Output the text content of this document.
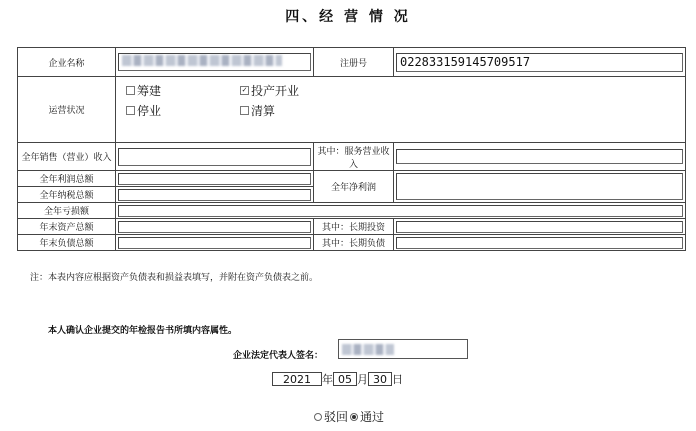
四、经 营 情 况
企业名称		注册号	022833159145709517

运营状况	筹建 ✓ 投产开业
停业 清算		

全年销售（营业）收入		其中：服务营业收入	

全年利润总额		全年净利润	

全年纳税总额			

全年亏损额			

年末资产总额		其中：长期投资	

年末负债总额		其中：长期负债	
注：本表内容应根据资产负债表和损益表填写，并附在资产负债表之前。
本人确认企业提交的年检报告书所填内容属性。
企业法定代表人签名：
2021	年 05 月 30 日
驳回 通过
